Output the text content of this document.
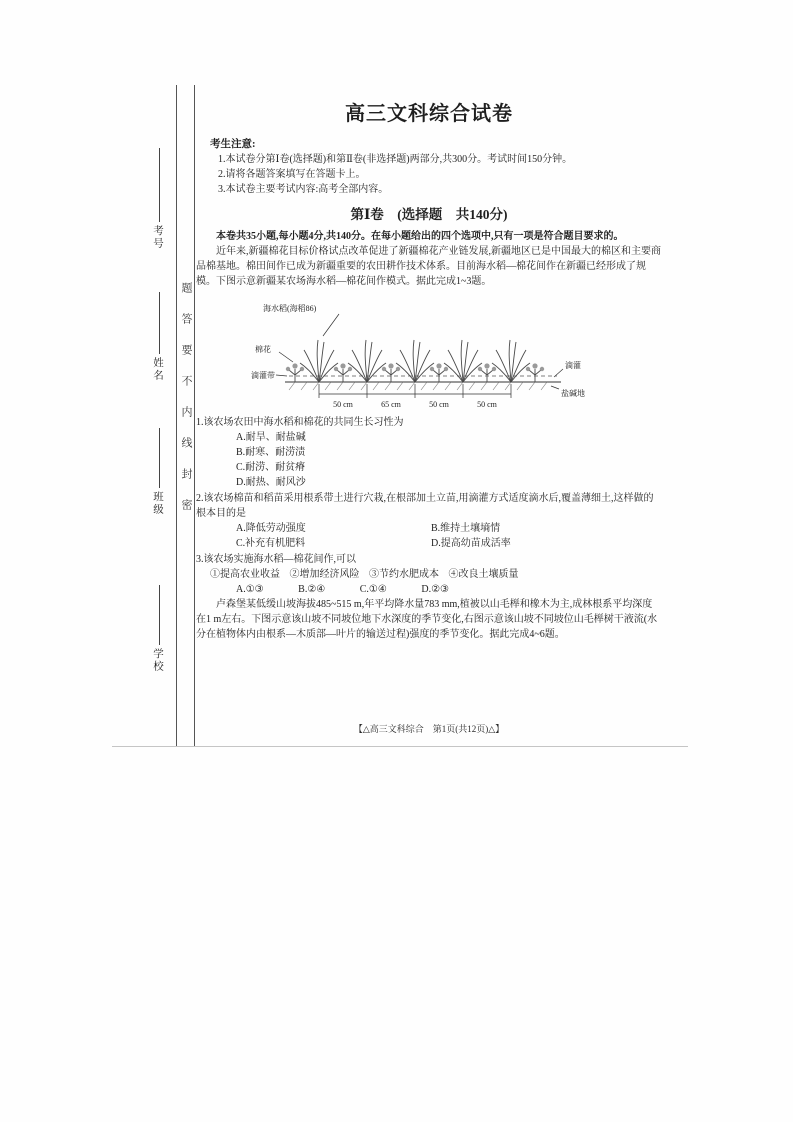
题答要不内线封密
考号
姓名
班级
学校
高三文科综合试卷
考生注意:
1.本试卷分第Ⅰ卷(选择题)和第Ⅱ卷(非选择题)两部分,共300分。考试时间150分钟。
2.请将各题答案填写在答题卡上。
3.本试卷主要考试内容:高考全部内容。
第Ⅰ卷　(选择题　共140分)
本卷共35小题,每小题4分,共140分。在每小题给出的四个选项中,只有一项是符合题目要求的。
近年来,新疆棉花目标价格试点改革促进了新疆棉花产业链发展,新疆地区已是中国最大的棉区和主要商品棉基地。棉田间作已成为新疆重要的农田耕作技术体系。目前海水稻—棉花间作在新疆已经形成了规模。下图示意新疆某农场海水稻—棉花间作模式。据此完成1~3题。
海水稻(海稻86)
棉花
滴灌带
滴灌
盐碱地
50 cm	65 cm	50 cm	50 cm
1.该农场农田中海水稻和棉花的共同生长习性为
A.耐旱、耐盐碱
B.耐寒、耐涝渍
C.耐涝、耐贫瘠
D.耐热、耐风沙
2.该农场棉苗和稻苗采用根系带土进行穴栽,在根部加土立苗,用滴灌方式适度滴水后,覆盖薄细土,这样做的根本目的是
A.降低劳动强度	B.维持土壤墒情
C.补充有机肥料	D.提高幼苗成活率
3.该农场实施海水稻—棉花间作,可以
①提高农业收益 ②增加经济风险 ③节约水肥成本 ④改良土壤质量
A.①③	B.②④	C.①④	D.②③
卢森堡某低缓山坡海拔485~515 m,年平均降水量783 mm,植被以山毛榉和橡木为主,成林根系平均深度在1 m左右。下图示意该山坡不同坡位地下水深度的季节变化,右图示意该山坡不同坡位山毛榉树干液流(水分在植物体内由根系—木质部—叶片的输送过程)强度的季节变化。据此完成4~6题。
【△高三文科综合　第1页(共12页)△】
